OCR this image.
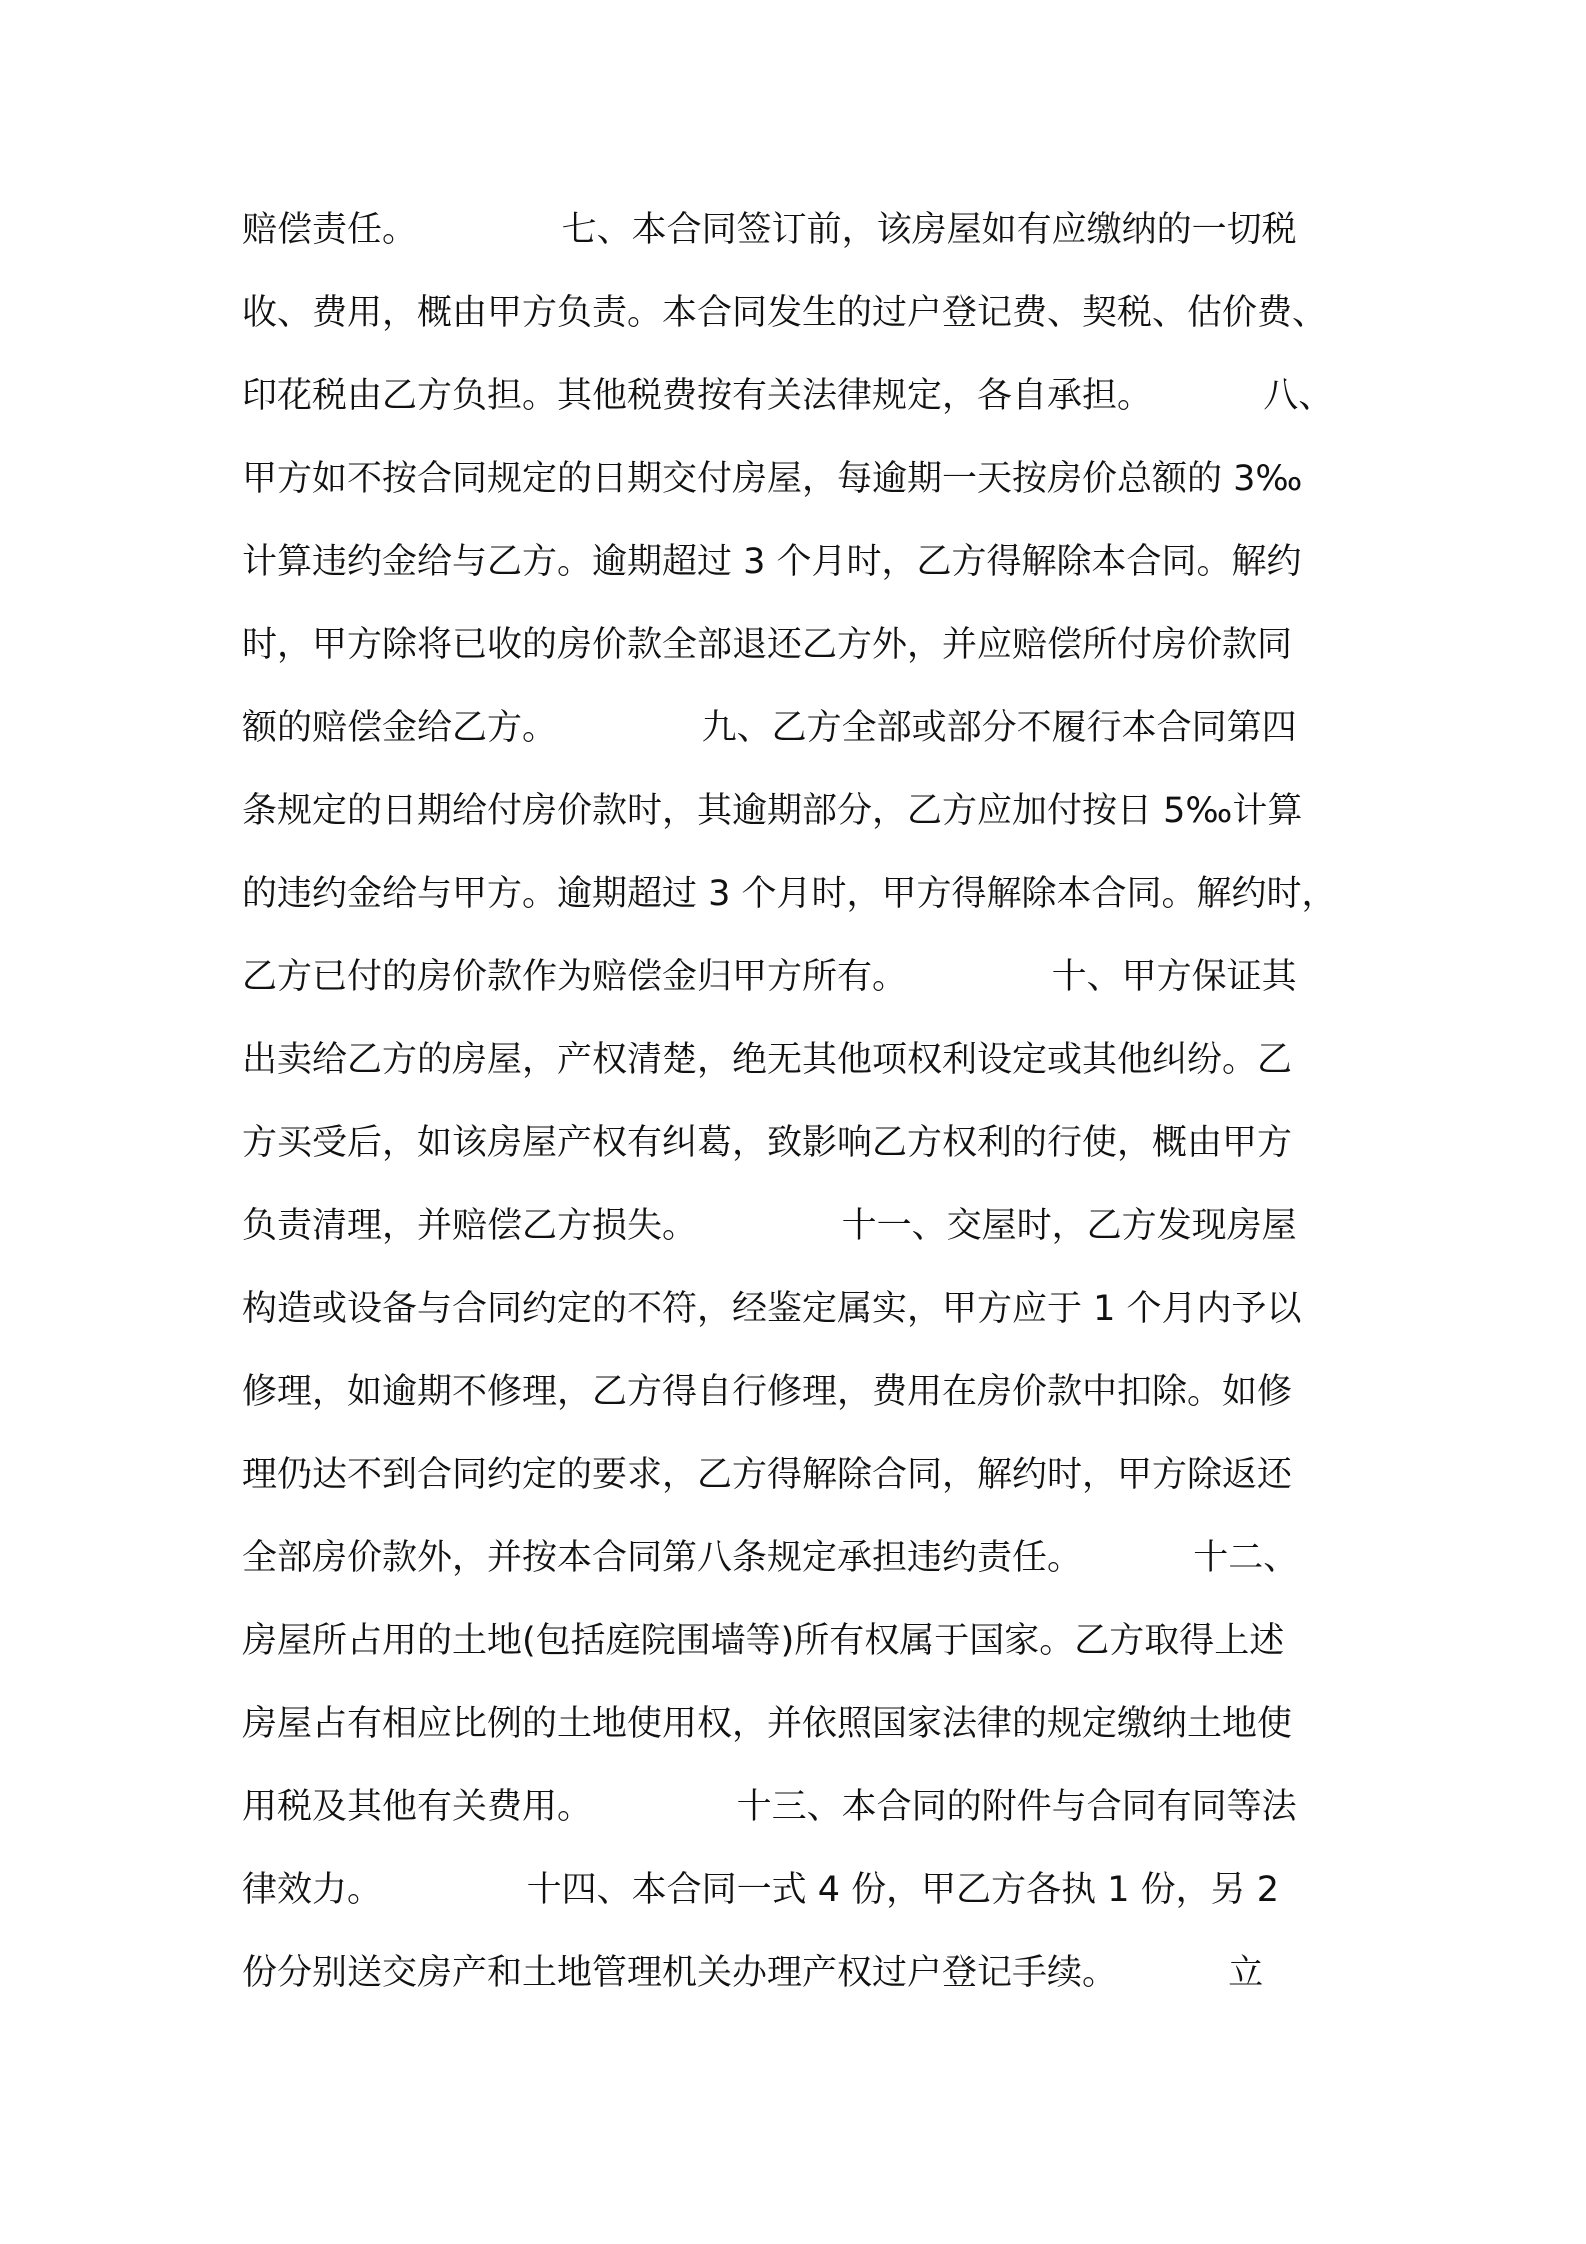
赔偿责任。             七、本合同签订前，该房屋如有应缴纳的一切税
收、费用，概由甲方负责。本合同发生的过户登记费、契税、估价费、
印花税由乙方负担。其他税费按有关法律规定，各自承担。          八、
甲方如不按合同规定的日期交付房屋，每逾期一天按房价总额的 3‰
计算违约金给与乙方。逾期超过 3 个月时，乙方得解除本合同。解约
时，甲方除将已收的房价款全部退还乙方外，并应赔偿所付房价款同
额的赔偿金给乙方。             九、乙方全部或部分不履行本合同第四
条规定的日期给付房价款时，其逾期部分，乙方应加付按日 5‰计算
的违约金给与甲方。逾期超过 3 个月时，甲方得解除本合同。解约时，
乙方已付的房价款作为赔偿金归甲方所有。             十、甲方保证其
出卖给乙方的房屋，产权清楚，绝无其他项权利设定或其他纠纷。乙
方买受后，如该房屋产权有纠葛，致影响乙方权利的行使，概由甲方
负责清理，并赔偿乙方损失。             十一、交屋时，乙方发现房屋
构造或设备与合同约定的不符，经鉴定属实，甲方应于 1 个月内予以
修理，如逾期不修理，乙方得自行修理，费用在房价款中扣除。如修
理仍达不到合同约定的要求，乙方得解除合同，解约时，甲方除返还
全部房价款外，并按本合同第八条规定承担违约责任。          十二、
房屋所占用的土地(包括庭院围墙等)所有权属于国家。乙方取得上述
房屋占有相应比例的土地使用权，并依照国家法律的规定缴纳土地使
用税及其他有关费用。             十三、本合同的附件与合同有同等法
律效力。             十四、本合同一式 4 份，甲乙方各执 1 份，另 2
份分别送交房产和土地管理机关办理产权过户登记手续。          立
